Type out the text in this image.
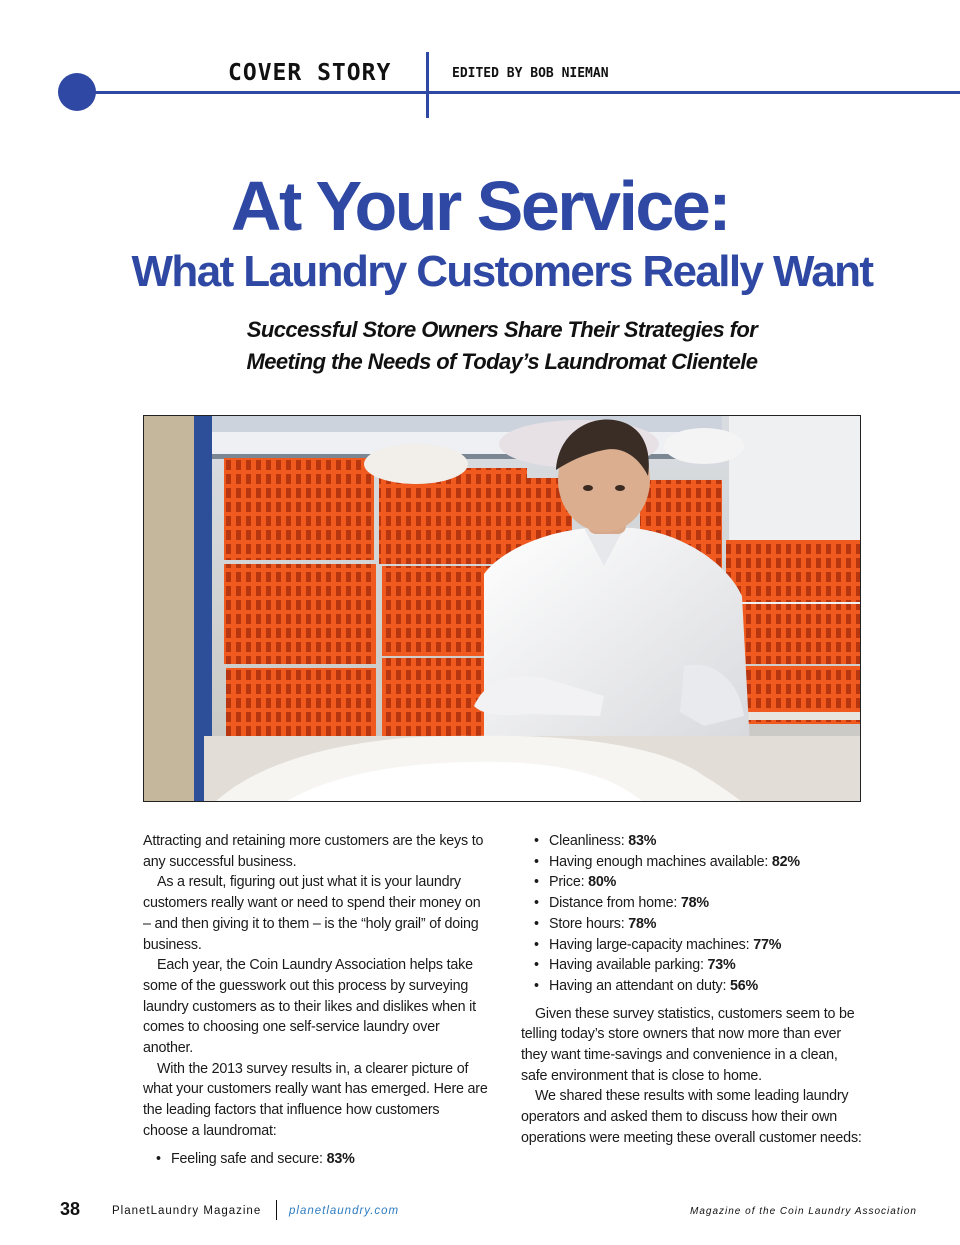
COVER STORY	EDITED BY BOB NIEMAN
At Your Service:
What Laundry Customers Really Want
Successful Store Owners Share Their Strategies for
Meeting the Needs of Today’s Laundromat Clientele

Attracting and retaining more customers are the keys to any successful business.

As a result, figuring out just what it is your laundry customers really want or need to spend their money on – and then giving it to them – is the “holy grail” of doing business.

Each year, the Coin Laundry Association helps take some of the guesswork out this process by surveying laundry customers as to their likes and dislikes when it comes to choosing one self-service laundry over another.

With the 2013 survey results in, a clearer picture of what your customers really want has emerged. Here are the leading factors that influence how customers choose a laundromat:

• Feeling safe and secure: 83%
• Cleanliness: 83%
• Having enough machines available: 82%
• Price: 80%
• Distance from home: 78%
• Store hours: 78%
• Having large-capacity machines: 77%
• Having available parking: 73%
• Having an attendant on duty: 56%

Given these survey statistics, customers seem to be telling today’s store owners that now more than ever they want time-savings and convenience in a clean, safe environment that is close to home.

We shared these results with some leading laundry operators and asked them to discuss how their own operations were meeting these overall customer needs:

38	PlanetLaundry Magazine planetlaundry.com	Magazine of the Coin Laundry Association
